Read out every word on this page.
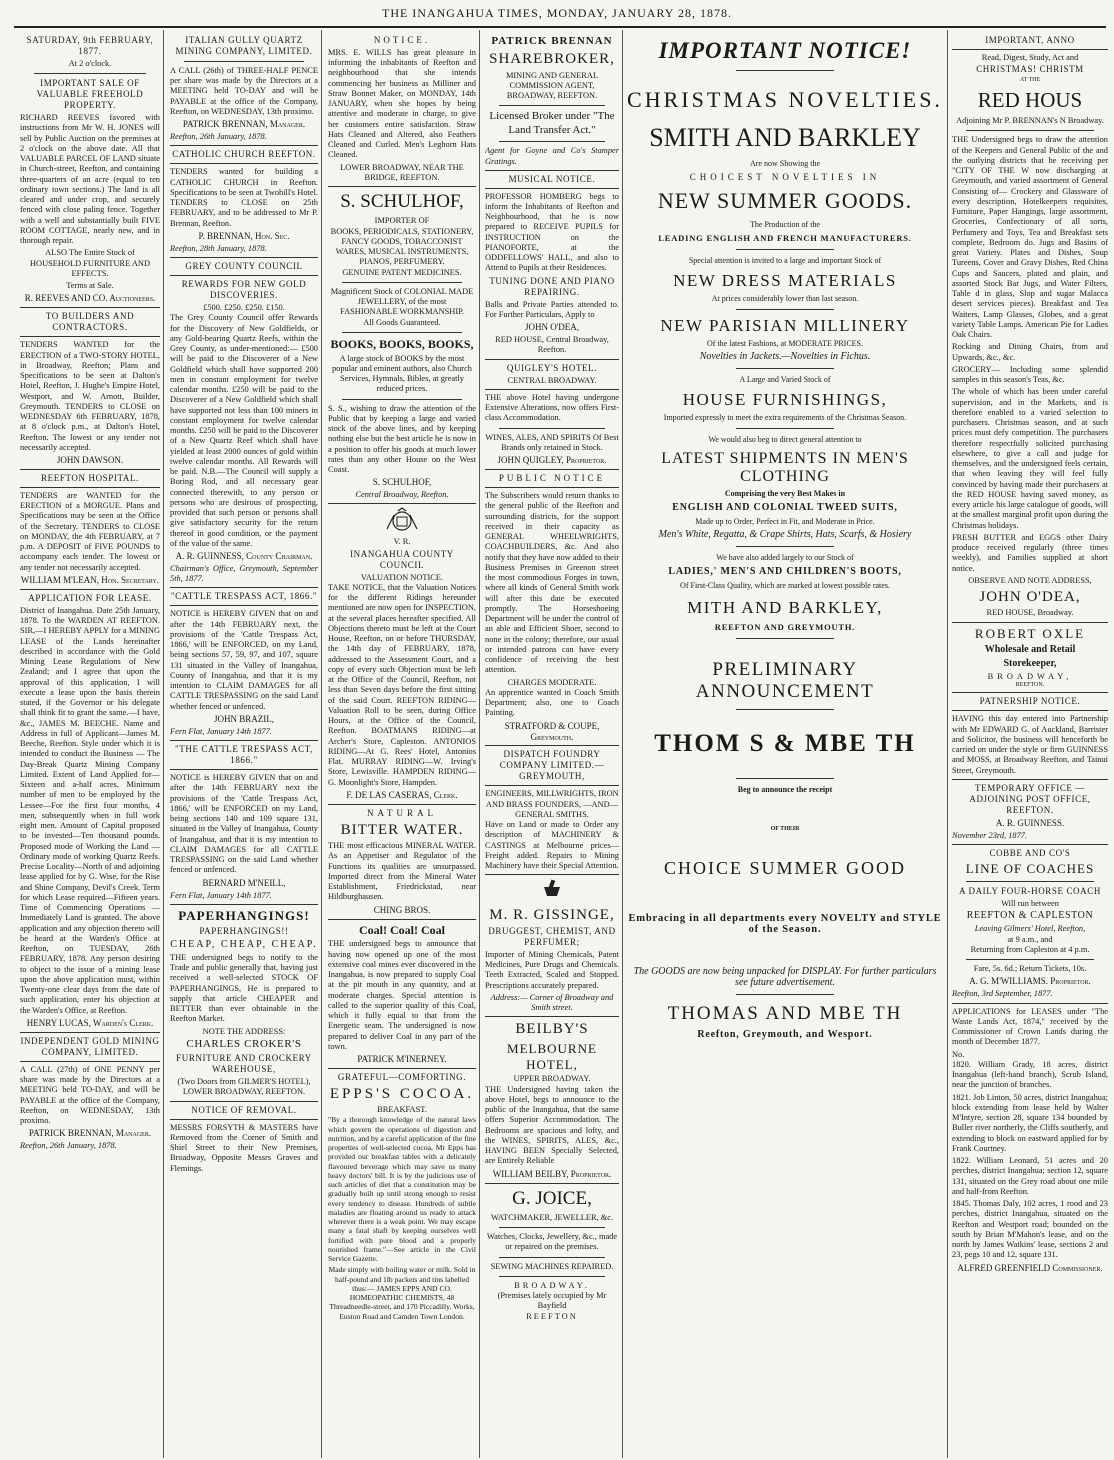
THE INANGAHUA TIMES, MONDAY, JANUARY 28, 1878.
SATURDAY, 9th FEBRUARY, 1877.
At 2 o'clock.
IMPORTANT SALE OF VALUABLE FREEHOLD PROPERTY.

RICHARD REEVES favored with instructions from Mr W. H. JONES will sell by Public Auction on the premises at 2 o'clock on the above date. All that VALUABLE PARCEL OF LAND situate in Church-street, Reefton, and containing three-quarters of an acre (equal to ten ordinary town sections.) The land is all cleared and under crop, and securely fenced with close paling fence. Together with a well and substantially built FIVE ROOM COTTAGE, nearly new, and in thorough repair.

ALSO The Entire Stock of HOUSEHOLD FURNITURE AND EFFECTS.

Terms at Sale.
R. REEVES AND CO. Auctioneers.
TO BUILDERS AND CONTRACTORS.

TENDERS WANTED for the ERECTION of a TWO-STORY HOTEL, in Broadway, Reefton; Plans and Specifications to be seen at Dalton's Hotel, Reefton, J. Hughe's Empire Hotel, Westport, and W. Arnott, Builder, Greymouth. TENDERS to CLOSE on WEDNESDAY 6th FEBRUARY, 1878, at 8 o'clock p.m., at Dalton's Hotel, Reefton. The lowest or any tender not necessarily accepted.

JOHN DAWSON.
REEFTON HOSPITAL.

TENDERS are WANTED for the ERECTION of a MORGUE. Plans and Specifications may be seen at the Office of the Secretary. TENDERS to CLOSE on MONDAY, the 4th FEBRUARY, at 7 p.m. A DEPOSIT of FIVE POUNDS to accompany each tender. The lowest or any tender not necessarily accepted.

WILLIAM M'LEAN, Hon. Secretary.
APPLICATION FOR LEASE.

District of Inangahua. Date 25th January, 1878. To the WARDEN AT REEFTON. SIR,—I HEREBY APPLY for a MINING LEASE of the Lands hereinafter described in accordance with the Gold Mining Lease Regulations of New Zealand; and I agree that upon the approval of this application, I will execute a lease upon the basis therein stated, if the Governor or his delegate shall think fit to grant the same.—I have, &c., JAMES M. BEECHE. Name and Address in full of Applicant—James M. Beeche, Reefton. Style under which it is intended to conduct the Business — The Day-Break Quartz Mining Company Limited. Extent of Land Applied for—Sixteen and a-half acres. Minimum number of men to be employed by the Lessee—For the first four months, 4 men, subsequently when in full work eight men. Amount of Capital proposed to be invested—Ten thousand pounds. Proposed mode of Working the Land — Ordinary mode of working Quartz Reefs. Precise Locality—North of and adjoining lease applied for by G. Wise, for the Rise and Shine Company, Devil's Creek. Term for which Lease required—Fifteen years. Time of Commencing Operations — Immediately Land is granted. The above application and any objection thereto will be heard at the Warden's Office at Reefton, on TUESDAY, 26th FEBRUARY, 1878. Any person desiring to object to the issue of a mining lease upon the above application must, within Twenty-one clear days from the date of such application, enter his objection at the Warden's Office, at Reefton.

HENRY LUCAS, Warden's Clerk.
INDEPENDENT GOLD MINING COMPANY, LIMITED.

A CALL (27th) of ONE PENNY per share was made by the Directors at a MEETING held TO-DAY, and will be PAYABLE at the office of the Company, Reefton, on WEDNESDAY, 13th proximo.

PATRICK BRENNAN, Manager.
Reefton, 26th January, 1878.
ITALIAN GULLY QUARTZ MINING COMPANY, LIMITED.

A CALL (26th) of THREE-HALF PENCE per share was made by the Directors at a MEETING held TO-DAY and will be PAYABLE at the office of the Company, Reefton, on WEDNESDAY, 13th proximo.

PATRICK BRENNAN, Manager.
Reefton, 26th January, 1878.
CATHOLIC CHURCH REEFTON.

TENDERS wanted for building a CATHOLIC CHURCH in Reefton. Specifications to be seen at Twohill's Hotel. TENDERS to CLOSE on 25th FEBRUARY, and to be addressed to Mr P. Brennan, Reefton.

P. BRENNAN, Hon. Sec.
Reefton, 28th January, 1878.
GREY COUNTY COUNCIL
REWARDS FOR NEW GOLD DISCOVERIES.
£500. £250. £250. £150.

The Grey County Council offer Rewards for the Discovery of New Goldfields, or any Gold-bearing Quartz Reefs, within the Grey County, as under-mentioned:— £500 will be paid to the Discoverer of a New Goldfield which shall have supported 200 men in constant employment for twelve calendar months. £250 will be paid to the Discoverer of a New Goldfield which shall have supported not less than 100 miners in constant employment for twelve calendar months. £250 will be paid to the Discoverer of a New Quartz Reef which shall have yielded at least 2000 ounces of gold within twelve calendar months. All Rewards will be paid. N.B.—The Council will supply a Boring Rod, and all necessary gear connected therewith, to any person or persons who are desirous of prospecting, provided that such person or persons shall give satisfactory security for the return thereof in good condition, or the payment of the value of the same.

A. R. GUINNESS, County Chairman.
Chairman's Office, Greymouth, September 5th, 1877.
"CATTLE TRESPASS ACT, 1866."

NOTICE is HEREBY GIVEN that on and after the 14th FEBRUARY next, the provisions of the 'Cattle Trespass Act, 1866,' will be ENFORCED, on my Land, being sections 57, 59, 97, and 107, square 131 situated in the Valley of Inangahua, County of Inangahua, and that it is my intention to CLAIM DAMAGES for all CATTLE TRESPASSING on the said Land whether fenced or unfenced.

JOHN BRAZIL,
Fern Flat, January 14th 1877.
"THE CATTLE TRESPASS ACT, 1866."

NOTICE is HEREBY GIVEN that on and after the 14th FEBRUARY next the provisions of the 'Cattle Trespass Act, 1866,' will be ENFORCED on my Land, being sections 140 and 109 square 131, situated in the Valley of Inangahua, County of Inangahua, and that it is my intention to CLAIM DAMAGES for all CATTLE TRESPASSING on the said Land whether fenced or unfenced.

BERNARD M'NEILL,
Fern Flat, January 14th 1877.
PAPERHANGINGS!
PAPERHANGINGS!!
CHEAP, CHEAP, CHEAP.

THE undersigned begs to notify to the Trade and public generally that, having just received a well-selected STOCK OF PAPERHANGINGS, He is prepared to supply that article CHEAPER and BETTER than ever obtainable in the Reefton Market.

NOTE THE ADDRESS:
CHARLES CROKER'S
FURNITURE AND CROCKERY WAREHOUSE,
(Two Doors from GILMER'S HOTEL), LOWER BROADWAY, REEFTON.
NOTICE OF REMOVAL.

MESSRS FORSYTH & MASTERS have Removed from the Corner of Smith and Shiel Street to their New Premises, Broadway, Opposite Messrs Graves and Flemings.

NOTICE.

MRS. E. WILLS has great pleasure in informing the inhabitants of Reefton and neighbourhood that she intends commencing her business as Milliner and Straw Bonnet Maker, on MONDAY, 14th JANUARY, when she hopes by being attentive and moderate in charge, to give her customers entire satisfaction. Straw Hats Cleaned and Altered, also Feathers Cleaned and Curled. Men's Leghorn Hats Cleaned.

LOWER BROADWAY, NEAR THE BRIDGE, REEFTON.
S. SCHULHOF,
IMPORTER OF
BOOKS, PERIODICALS, STATIONERY, FANCY GOODS, TOBACCONIST WARES, MUSICAL INSTRUMENTS, PIANOS, PERFUMERY.
GENUINE PATENT MEDICINES.
Magnificent Stock of COLONIAL MADE JEWELLERY, of the most FASHIONABLE WORKMANSHIP.
All Goods Guaranteed.
BOOKS, BOOKS, BOOKS,

A large stock of BOOKS by the most popular and eminent authors, also Church Services, Hymnals, Bibles, at greatly reduced prices.

S. S., wishing to draw the attention of the Public that by keeping a large and varied stock of the above lines, and by keeping nothing else but the best article he is now in a position to offer his goods at much lower rates than any other House on the West Coast.

S. SCHULHOF,
Central Broadway, Reefton.
V. R.
INANGAHUA COUNTY COUNCIL
VALUATION NOTICE.

TAKE NOTICE, that the Valuation Notices for the different Ridings hereunder mentioned are now open for INSPECTION, at the several places hereafter specified. All Objections thereto must be left at the Court House, Reefton, on or before THURSDAY, the 14th day of FEBRUARY, 1878, addressed to the Assessment Court, and a copy of every such Objection must be left at the Office of the Council, Reefton, not less than Seven days before the first sitting of the said Court. REEFTON RIDING—Valuation Roll to be seen, during Office Hours, at the Office of the Council, Reefton. BOATMANS RIDING—at Archer's Store, Capleston. ANTONIOS RIDING—At G. Rees' Hotel, Antonios Flat. MURRAY RIDING—W. Irving's Store, Lewisville. HAMPDEN RIDING—G. Moonlight's Store, Hampden.

F. DE LAS CASERAS, Clerk.
NATURAL
BITTER WATER.

THE most efficacious MINERAL WATER. As an Appetiser and Regulator of the Functions its qualities are unsurpassed. Imported direct from the Mineral Water Establishment, Friedrickstad, near Hildburghausen.

CHING BROS.
Coal! Coal! Coal

THE undersigned begs to announce that having now opened up one of the most extensive coal mines ever discovered in the Inangahua, is now prepared to supply Coal at the pit mouth in any quantity, and at moderate charges. Special attention is called to the superior quality of this Coal, which it fully equal to that from the Energetic seam. The undersigned is now prepared to deliver Coal in any part of the town.

PATRICK M'INERNEY.
GRATEFUL—COMFORTING.
EPPS'S COCOA.
BREAKFAST.

"By a thorough knowledge of the natural laws which govern the operations of digestion and nutrition, and by a careful application of the fine properties of well-selected cocoa, Mr Epps has provided our breakfast tables with a delicately flavoured beverage which may save us many heavy doctors' bill. It is by the judicious use of such articles of diet that a constitution may be gradually built up until strong enough to resist every tendency to disease. Hundreds of subtle maladies are floating around us ready to attack wherever there is a weak point. We may escape many a fatal shaft by keeping ourselves well fortified with pure blood and a properly nourished frame."—See article in the Civil Service Gazette.

Made simply with boiling water or milk. Sold in half-pound and 1lb packets and tins labelled thus:— JAMES EPPS AND CO. HOMEOPATHIC CHEMISTS, 48 Threadneedle-street, and 170 Piccadilly. Works, Euston Road and Camden Town London.

PATRICK BRENNAN
SHAREBROKER,

MINING AND GENERAL COMMISSION AGENT, BROADWAY, REEFTON.

Licensed Broker under "The Land Transfer Act."

Agent for Goyne and Co's Stamper Gratings.

MUSICAL NOTICE.

PROFESSOR HOMBERG begs to inform the Inhabitants of Reefton and Neighbourhood, that he is now prepared to RECEIVE PUPILS for INSTRUCTION on the PIANOFORTE, at the ODDFELLOWS' HALL, and also to Attend to Pupils at their Residences.

TUNING DONE AND PIANO REPAIRING.

Balls and Private Parties attended to. For Further Particulars, Apply to

JOHN O'DEA,
RED HOUSE, Central Broadway, Reefton.
QUIGLEY'S HOTEL.
CENTRAL BROADWAY.

THE above Hotel having undergone Extensive Alterations, now offers First-class Accommodation.

WINES, ALES, AND SPIRITS Of Best Brands only retained in Stock.

JOHN QUIGLEY, Proprietor.
PUBLIC NOTICE

The Subscribers would return thanks to the general public of the Reefton and surrounding districts, for the support received in their capacity as GENERAL WHEELWRIGHTS, COACHBUILDERS, &c. And also notify that they have now added to their Business Premises in Greenon street the most commodious Forges in town, where all kinds of General Smith work will after this date be executed promptly. The Horseshoeing Department will be under the control of an able and Efficient Shoer, second to none in the colony; therefore, our usual or intended patrons can have every confidence of receiving the best attention.

CHARGES MODERATE.

An apprentice wanted in Coach Smith Department; also, one to Coach Painting.

STRATFORD & COUPE, Greymouth.
DISPATCH FOUNDRY COMPANY LIMITED.—GREYMOUTH,
ENGINEERS, MILLWRIGHTS, IRON AND BRASS FOUNDERS, —AND— GENERAL SMITHS.

Have on Land or made to Order any description of MACHINERY & CASTINGS at Melbourne prices—Freight added. Repairs to Mining Machinery have their Special Attention.

M. R. GISSINGE,
DRUGGEST, CHEMIST, AND PERFUMER;

Importer of Mining Chemicals, Patent Medicines, Pure Drugs and Chemicals. Teeth Extracted, Scaled and Stopped. Prescriptions accurately prepared.

Address:— Corner of Broadway and Smith street.
BEILBY'S
MELBOURNE HOTEL,
UPPER BROADWAY.

THE Undersigned having taken the above Hotel, begs to announce to the public of the Inangahua, that the same offers Superior Accommodation. The Bedrooms are spacious and lofty, and the WINES, SPIRITS, ALES, &c., HAVING BEEN Specially Selected, are Entirely Reliable

WILLIAM BEILBY, Proprietor.
G. JOICE,
WATCHMAKER, JEWELLER, &c.

Watches, Clocks, Jewellery, &c., made or repaired on the premises.

SEWING MACHINES REPAIRED.
BROADWAY.
(Premises lately occupied by Mr Bayfield
REEFTON
IMPORTANT NOTICE!
CHRISTMAS NOVELTIES.
SMITH AND BARKLEY
Are now Showing the
CHOICEST NOVELTIES IN
NEW SUMMER GOODS.
The Production of the
LEADING ENGLISH AND FRENCH MANUFACTURERS.
Special attention is invited to a large and important Stock of
NEW DRESS MATERIALS
At prices considerably lower than last season.
NEW PARISIAN MILLINERY
Of the latest Fashions, at MODERATE PRICES.
Novelties in Jackets.—Novelties in Fichus.
A Large and Varied Stock of
HOUSE FURNISHINGS,
Imported expressly to meet the extra requirements of the Christmas Season.
We would also beg to direct general attention to
LATEST SHIPMENTS IN MEN'S CLOTHING
Comprising the very Best Makes in
ENGLISH AND COLONIAL TWEED SUITS,
Made up to Order, Perfect in Fit, and Moderate in Price.
Men's White, Regatta, & Crape Shirts, Hats, Scarfs, & Hosiery
We have also added largely to our Stock of
LADIES,' MEN'S AND CHILDREN'S BOOTS,
Of First-Class Quality, which are marked at lowest possible rates.
MITH AND BARKLEY,
REEFTON AND GREYMOUTH.
PRELIMINARY ANNOUNCEMENT
THOM S & MBE TH
Beg to announce the receipt
OF THEIR
CHOICE SUMMER GOOD
Embracing in all departments every NOVELTY and STYLE of the Season.
The GOODS are now being unpacked for DISPLAY. For further particulars see future advertisement.
THOMAS AND MBE TH
Reefton, Greymouth, and Wesport.
IMPORTANT, ANNO
Read, Digest, Study, Act and
CHRISTMAS! CHRISTM
AT THE
RED HOUS
Adjoining Mr P. BRENNAN's N Broadway.

THE Undersigned begs to draw the attention of the Keepers and General Public of the and the outlying districts that he receiving per "CITY OF THE W now discharging at Greymouth, and varied assortment of General Consisting of— Crockery and Glassware of every description, Hotelkeepers requisites, Furniture, Paper Hangings, large assortment, Groceries, Confectionary of all sorts, Perfumery and Toys, Tea and Breakfast sets complete, Bedroom do. Jugs and Basins of great Variety. Plates and Dishes, Soup Tureens, Cover and Gravy Dishes, Red China Cups and Saucers, plated and plain, and assorted Stock Bar Jugs, and Water Filters, Table d in glass, Slop and sugar Malacca desert services pieces). Breakfast and Tea Waiters, Lamp Glasses, Globes, and a great variety Table Lamps. American Pie for Ladies Oak Chairs.

Rocking and Dining Chairs, from and Upwards, &c., &c.

GROCERY— Including some splendid samples in this season's Teas, &c.

The whole of which has been under careful supervision, and in the Markets, and is therefore enabled to a varied selection to purchasers. Christmas season, and at such prices must defy competition. The purchasers therefore respectfully solicited purchasing elsewhere, to give a call and judge for themselves, and the undersigned feels certain, that when leaving they will feel fully convinced by having made their purchasers at the RED HOUSE having saved money, as every article his large catalogue of goods, will at the smallest marginal profit upon during the Christmas holidays.

FRESH BUTTER and EGGS other Dairy produce received regularly (three times weekly), and Families supplied at short notice.

OBSERVE AND NOTE ADDRESS,
JOHN O'DEA,
RED HOUSE, Broadway.
ROBERT OXLE
Wholesale and Retail
Storekeeper,
BROADWAY,
REEFTON.
PATNERSHIP NOTICE.

HAVING this day entered into Partnership with Mr EDWARD G. of Auckland, Barrister and Solicitor, the business will henceforth be carried on under the style or firm GUINNESS and MOSS, at Broadway Reefton, and Tainui Street, Greymouth.

TEMPORARY OFFICE — ADJOINING POST OFFICE, REEFTON.
A. R. GUINNESS.
November 23rd, 1877.
COBBE AND CO'S
LINE OF COACHES
A DAILY FOUR-HORSE COACH
Will run between
REEFTON & CAPLESTON
Leaving Gilmers' Hotel, Reefton,
at 9 a.m., and
Returning from Capleston at 4 p.m.
Fare, 5s. 6d.; Return Tickets, 10s.
A. G. M'WILLIAMS. Proprietor.
Reefton, 3rd September, 1877.

APPLICATIONS for LEASES under "The Waste Lands Act, 1874," received by the Commissioner of Crown Lands during the month of December 1877.

No.

1820. William Grady, 18 acres, district Inangahua (left-hand branch), Scrub Island, near the junction of branches.

1821. Job Linton, 50 acres, district Inangahua; block extending from lease held by Walter M'Intyre, section 28, square 134 bounded by Buller river northerly, the Cliffs southerly, and extending to block on eastward applied for by Frank Courtney.

1822. William Leonard, 51 acres and 20 perches, district Inangahua; section 12, square 131, situated on the Grey road about one mile and half-from Reefton.

1845. Thomas Daly, 102 acres, 1 rood and 23 perches, district Inangahua, situated on the Reefton and Westport road; bounded on the south by Brian M'Mahon's lease, and on the north by James Watkins' lease, sections 2 and 23, pegs 10 and 12, square 131.

ALFRED GREENFIELD Commissioner.
